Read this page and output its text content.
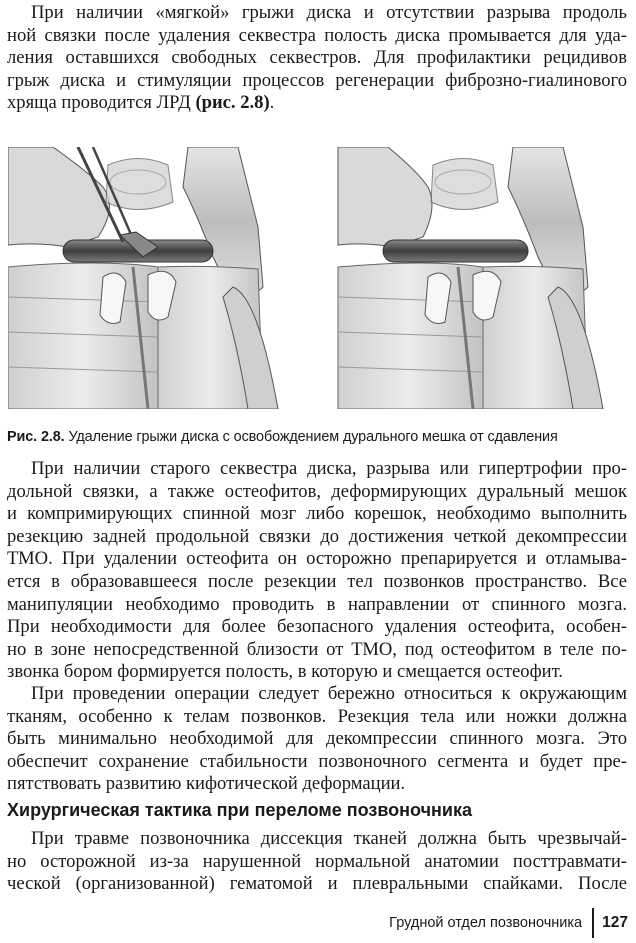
При наличии «мягкой» грыжи диска и отсутствии разрыва продоль
ной связки после удаления секвестра полость диска промывается для уда-
ления оставшихся свободных секвестров. Для профилактики рецидивов
грыж диска и стимуляции процессов регенерации фиброзно-гиалинового
хряща проводится ЛРД (рис. 2.8).

Рис. 2.8. Удаление грыжи диска с освобождением дурального мешка от сдавления

При наличии старого секвестра диска, разрыва или гипертрофии про-
дольной связки, а также остеофитов, деформирующих дуральный мешок
и компримирующих спинной мозг либо корешок, необходимо выполнить
резекцию задней продольной связки до достижения четкой декомпрессии
ТМО. При удалении остеофита он осторожно препарируется и отламыва-
ется в образовавшееся после резекции тел позвонков пространство. Все
манипуляции необходимо проводить в направлении от спинного мозга.
При необходимости для более безопасного удаления остеофита, особен-
но в зоне непосредственной близости от ТМО, под остеофитом в теле по-
звонка бором формируется полость, в которую и смещается остеофит.

При проведении операции следует бережно относиться к окружающим
тканям, особенно к телам позвонков. Резекция тела или ножки должна
быть минимально необходимой для декомпрессии спинного мозга. Это
обеспечит сохранение стабильности позвоночного сегмента и будет пре-
пятствовать развитию кифотической деформации.

Хирургическая тактика при переломе позвоночника

При травме позвоночника диссекция тканей должна быть чрезвычай-
но осторожной из-за нарушенной нормальной анатомии посттравмати-
ческой (организованной) гематомой и плевральными спайками. После

Грудной отдел позвоночника 127
